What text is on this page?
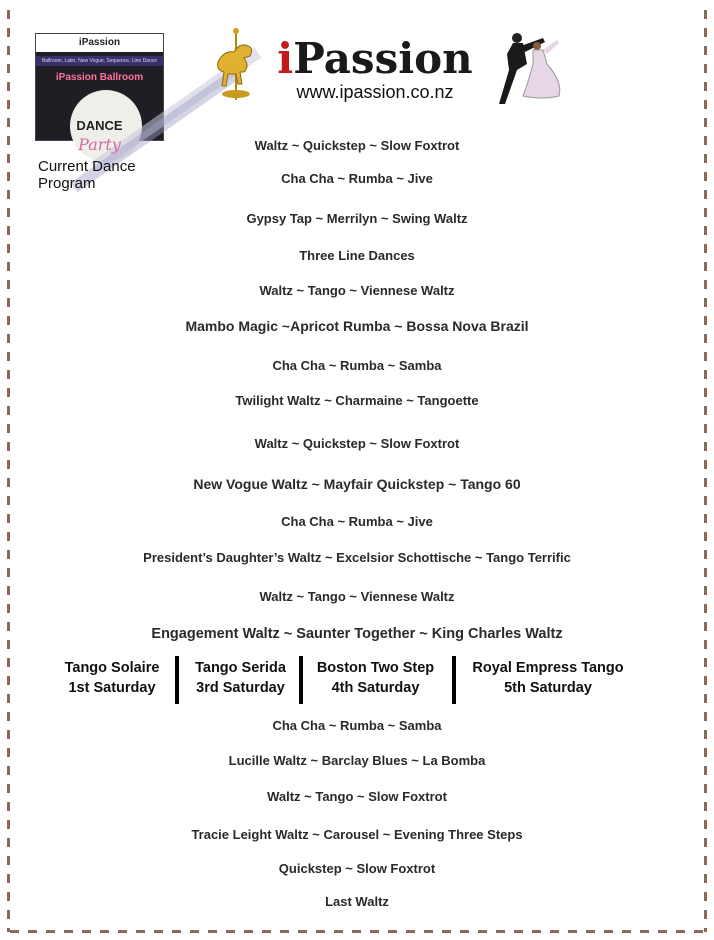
iPassion
Ballroom, Latin, New Vogue, Sequence, Line Dance
iPassion Ballroom
DANCE
Party
iPassion
www.ipassion.co.nz
Current Dance
Program
Waltz ~ Quickstep ~ Slow Foxtrot
Cha Cha ~ Rumba ~ Jive
Gypsy Tap ~ Merrilyn ~ Swing Waltz
Three Line Dances
Waltz ~ Tango ~ Viennese Waltz
Mambo Magic ~Apricot Rumba ~ Bossa Nova Brazil
Cha Cha ~ Rumba ~ Samba
Twilight Waltz ~ Charmaine ~ Tangoette
Waltz ~ Quickstep ~ Slow Foxtrot
New Vogue Waltz ~ Mayfair Quickstep ~ Tango 60
Cha Cha ~ Rumba ~ Jive
President’s Daughter’s Waltz ~ Excelsior Schottische ~ Tango Terrific
Waltz ~ Tango ~ Viennese Waltz
Engagement Waltz ~ Saunter Together ~ King Charles Waltz
Tango Solaire
1st Saturday
Tango Serida
3rd Saturday
Boston Two Step
4th Saturday
Royal Empress Tango
5th Saturday
Cha Cha ~ Rumba ~ Samba
Lucille Waltz ~ Barclay Blues ~ La Bomba
Waltz ~ Tango ~ Slow Foxtrot
Tracie Leight Waltz ~ Carousel ~ Evening Three Steps
Quickstep ~ Slow Foxtrot
Last Waltz
